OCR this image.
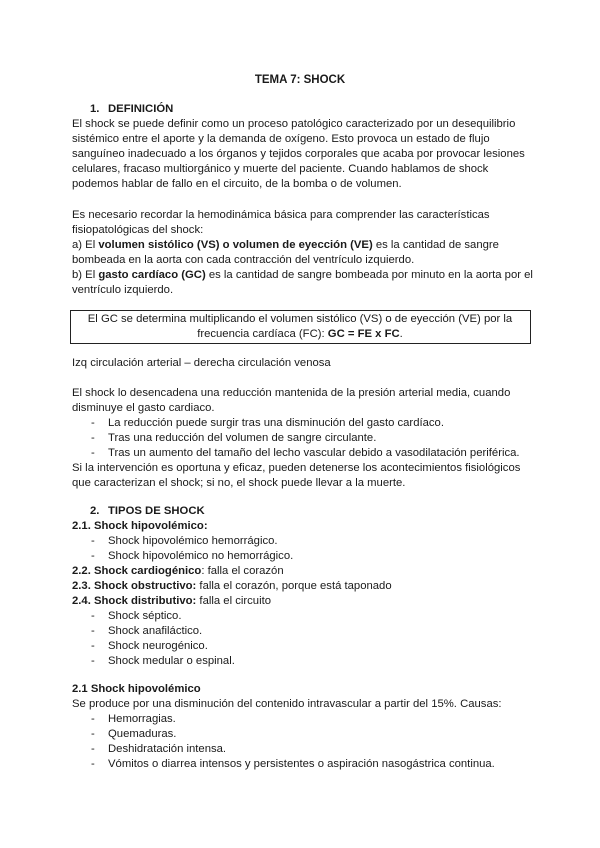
TEMA 7: SHOCK
1. DEFINICIÓN
El shock se puede definir como un proceso patológico caracterizado por un desequilibrio
sistémico entre el aporte y la demanda de oxígeno. Esto provoca un estado de flujo
sanguíneo inadecuado a los órganos y tejidos corporales que acaba por provocar lesiones
celulares, fracaso multiorgánico y muerte del paciente. Cuando hablamos de shock
podemos hablar de fallo en el circuito, de la bomba o de volumen.
Es necesario recordar la hemodinámica básica para comprender las características
fisiopatológicas del shock:
a) El volumen sistólico (VS) o volumen de eyección (VE) es la cantidad de sangre
bombeada en la aorta con cada contracción del ventrículo izquierdo.
b) El gasto cardíaco (GC) es la cantidad de sangre bombeada por minuto en la aorta por el
ventrículo izquierdo.
El GC se determina multiplicando el volumen sistólico (VS) o de eyección (VE) por la
frecuencia cardíaca (FC): GC = FE x FC.
Izq circulación arterial – derecha circulación venosa
El shock lo desencadena una reducción mantenida de la presión arterial media, cuando
disminuye el gasto cardiaco.
- La reducción puede surgir tras una disminución del gasto cardíaco.
- Tras una reducción del volumen de sangre circulante.
- Tras un aumento del tamaño del lecho vascular debido a vasodilatación periférica.
Si la intervención es oportuna y eficaz, pueden detenerse los acontecimientos fisiológicos
que caracterizan el shock; si no, el shock puede llevar a la muerte.
2. TIPOS DE SHOCK
2.1. Shock hipovolémico:
- Shock hipovolémico hemorrágico.
- Shock hipovolémico no hemorrágico.
2.2. Shock cardiogénico: falla el corazón
2.3. Shock obstructivo: falla el corazón, porque está taponado
2.4. Shock distributivo: falla el circuito
- Shock séptico.
- Shock anafiláctico.
- Shock neurogénico.
- Shock medular o espinal.
2.1 Shock hipovolémico
Se produce por una disminución del contenido intravascular a partir del 15%. Causas:
- Hemorragias.
- Quemaduras.
- Deshidratación intensa.
- Vómitos o diarrea intensos y persistentes o aspiración nasogástrica continua.
